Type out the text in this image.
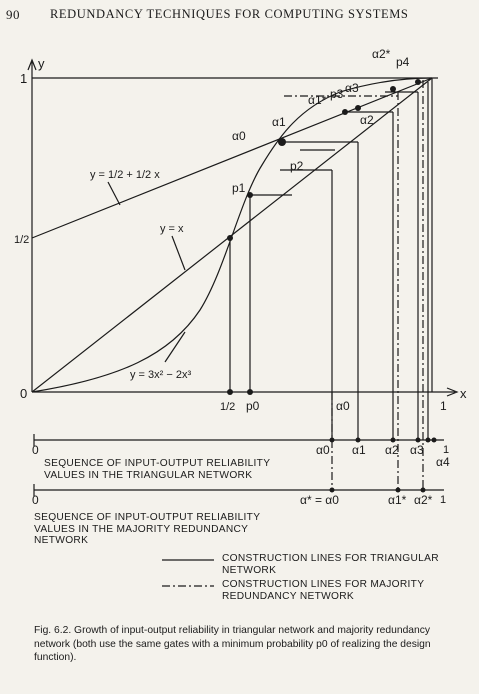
90 REDUNDANCY TECHNIQUES FOR COMPUTING SYSTEMS
y
x
0
1
1/2
1/2 p0	α0	1
y = 1/2 + 1/2 x
y = x
y = 3x² − 2x³
α0
α1	α2
α3
p1
p2
p3
p4
α1*
α2*
0	1
α0 α1 α2 α3
α4
0	1
α* = α0	α1* α2*
SEQUENCE OF INPUT-OUTPUT RELIABILITY
VALUES IN THE TRIANGULAR NETWORK
SEQUENCE OF INPUT-OUTPUT RELIABILITY
VALUES IN THE MAJORITY REDUNDANCY
NETWORK
CONSTRUCTION LINES FOR TRIANGULAR
NETWORK
CONSTRUCTION LINES FOR MAJORITY
REDUNDANCY NETWORK
Fig. 6.2. Growth of input-output reliability in triangular network and majority redundancy network (both use the same gates with a minimum probability p0 of realizing the design function).
